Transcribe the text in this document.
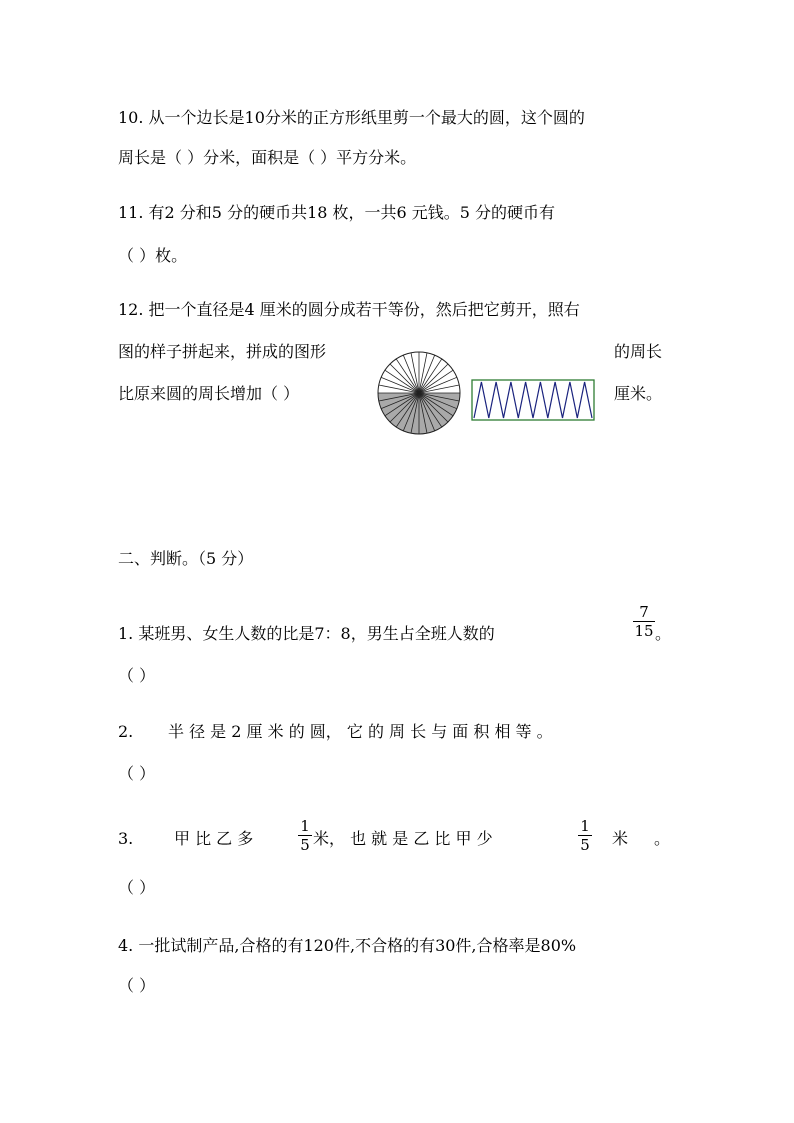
10. 从一个边长是10分米的正方形纸里剪一个最大的圆，这个圆的
周长是（ ）分米，面积是（ ）平方分米。
11. 有2 分和5 分的硬币共18 枚，一共6 元钱。5 分的硬币有
（ ）枚。
12. 把一个直径是4 厘米的圆分成若干等份，然后把它剪开，照右
图的样子拼起来，拼成的图形	的周长
比原来圆的周长增加（ ）	厘米。
二、判断。（5 分）
1. 某班男、女生人数的比是7：8，男生占全班人数的
7
15 。
（ ）
2. 半 径 是 2 厘 米 的 圆， 它 的 周 长 与 面 积 相 等 。
（ ）
3.	甲 比 乙 多
1
5 米， 也 就 是 乙 比 甲 少
1
5 米 。
（ ）
4. 一批试制产品,合格的有120件,不合格的有30件,合格率是80%
（ ）
